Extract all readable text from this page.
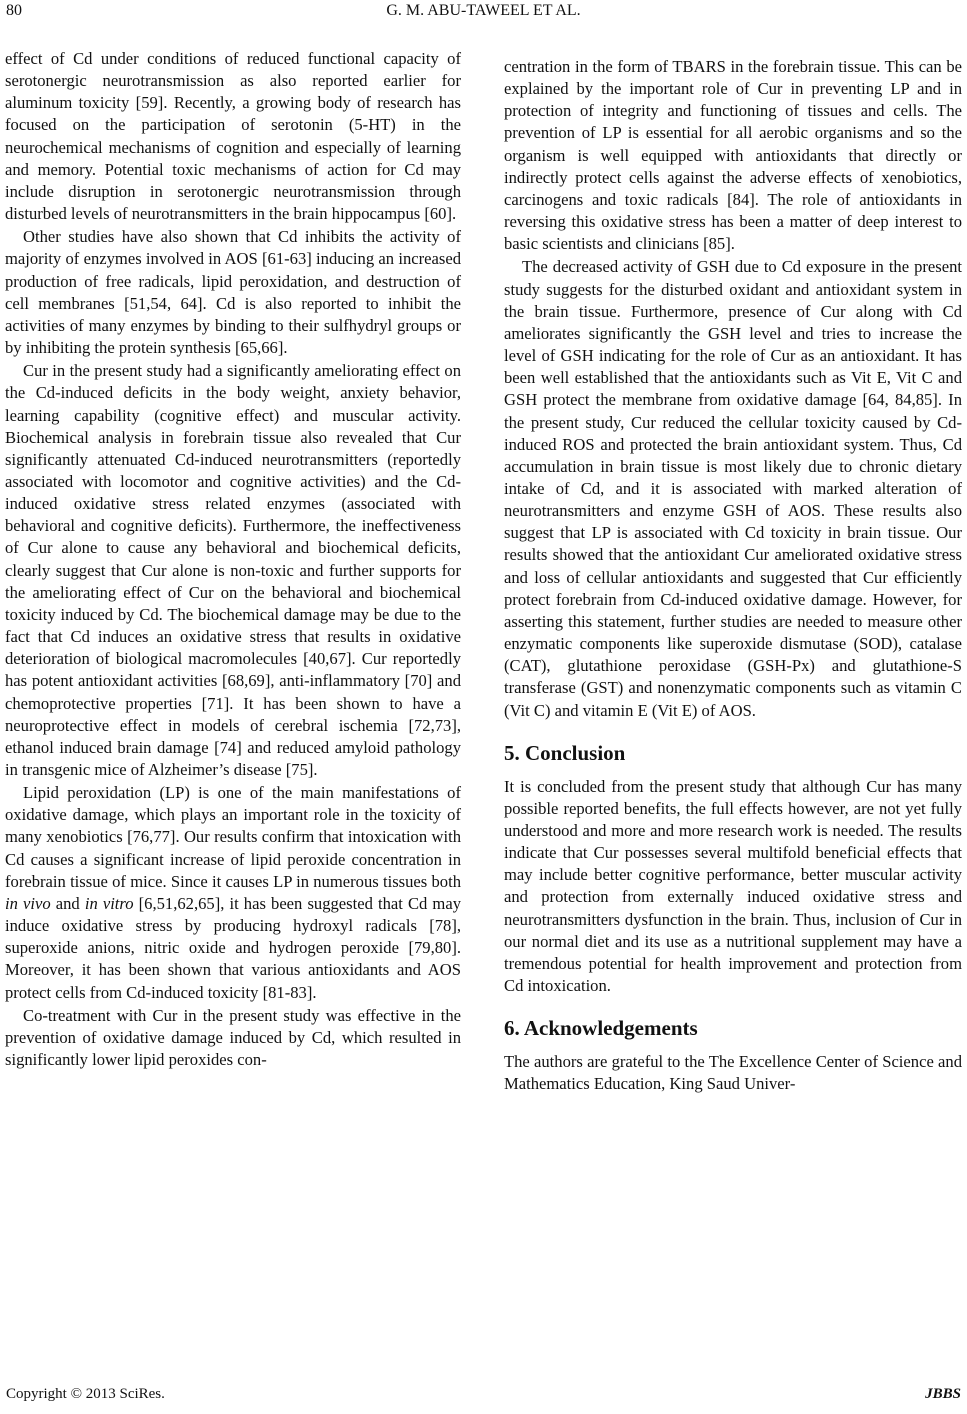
80	G. M. ABU-TAWEEL ET AL.

effect of Cd under conditions of reduced functional capacity of serotonergic neurotransmission as also reported earlier for aluminum toxicity [59]. Recently, a growing body of research has focused on the participation of serotonin (5-HT) in the neurochemical mechanisms of cognition and especially of learning and memory. Potential toxic mechanisms of action for Cd may include disruption in serotonergic neurotransmission through disturbed levels of neurotransmitters in the brain hippocampus [60].

Other studies have also shown that Cd inhibits the activity of majority of enzymes involved in AOS [61-63] inducing an increased production of free radicals, lipid peroxidation, and destruction of cell membranes [51,54, 64]. Cd is also reported to inhibit the activities of many enzymes by binding to their sulfhydryl groups or by inhibiting the protein synthesis [65,66].

Cur in the present study had a significantly ameliorating effect on the Cd-induced deficits in the body weight, anxiety behavior, learning capability (cognitive effect) and muscular activity. Biochemical analysis in forebrain tissue also revealed that Cur significantly attenuated Cd-induced neurotransmitters (reportedly associated with locomotor and cognitive activities) and the Cd-induced oxidative stress related enzymes (associated with behavioral and cognitive deficits). Furthermore, the ineffectiveness of Cur alone to cause any behavioral and biochemical deficits, clearly suggest that Cur alone is non-toxic and further supports for the ameliorating effect of Cur on the behavioral and biochemical toxicity induced by Cd. The biochemical damage may be due to the fact that Cd induces an oxidative stress that results in oxidative deterioration of biological macromolecules [40,67]. Cur reportedly has potent antioxidant activities [68,69], anti-inflammatory [70] and chemoprotective properties [71]. It has been shown to have a neuroprotective effect in models of cerebral ischemia [72,73], ethanol induced brain damage [74] and reduced amyloid pathology in transgenic mice of Alzheimer’s disease [75].

Lipid peroxidation (LP) is one of the main manifestations of oxidative damage, which plays an important role in the toxicity of many xenobiotics [76,77]. Our results confirm that intoxication with Cd causes a significant increase of lipid peroxide concentration in forebrain tissue of mice. Since it causes LP in numerous tissues both in vivo and in vitro [6,51,62,65], it has been suggested that Cd may induce oxidative stress by producing hydroxyl radicals [78], superoxide anions, nitric oxide and hydrogen peroxide [79,80]. Moreover, it has been shown that various antioxidants and AOS protect cells from Cd-induced toxicity [81-83].

Co-treatment with Cur in the present study was effective in the prevention of oxidative damage induced by Cd, which resulted in significantly lower lipid peroxides con-

centration in the form of TBARS in the forebrain tissue. This can be explained by the important role of Cur in preventing LP and in protection of integrity and functioning of tissues and cells. The prevention of LP is essential for all aerobic organisms and so the organism is well equipped with antioxidants that directly or indirectly protect cells against the adverse effects of xenobiotics, carcinogens and toxic radicals [84]. The role of antioxidants in reversing this oxidative stress has been a matter of deep interest to basic scientists and clinicians [85].

The decreased activity of GSH due to Cd exposure in the present study suggests for the disturbed oxidant and antioxidant system in the brain tissue. Furthermore, presence of Cur along with Cd ameliorates significantly the GSH level and tries to increase the level of GSH indicating for the role of Cur as an antioxidant. It has been well established that the antioxidants such as Vit E, Vit C and GSH protect the membrane from oxidative damage [64, 84,85]. In the present study, Cur reduced the cellular toxicity caused by Cd-induced ROS and protected the brain antioxidant system. Thus, Cd accumulation in brain tissue is most likely due to chronic dietary intake of Cd, and it is associated with marked alteration of neurotransmitters and enzyme GSH of AOS. These results also suggest that LP is associated with Cd toxicity in brain tissue. Our results showed that the antioxidant Cur ameliorated oxidative stress and loss of cellular antioxidants and suggested that Cur efficiently protect forebrain from Cd-induced oxidative damage. However, for asserting this statement, further studies are needed to measure other enzymatic components like superoxide dismutase (SOD), catalase (CAT), glutathione peroxidase (GSH-Px) and glutathione-S transferase (GST) and nonenzymatic components such as vitamin C (Vit C) and vitamin E (Vit E) of AOS.

5. Conclusion

It is concluded from the present study that although Cur has many possible reported benefits, the full effects however, are not yet fully understood and more and more research work is needed. The results indicate that Cur possesses several multifold beneficial effects that may include better cognitive performance, better muscular activity and protection from externally induced oxidative stress and neurotransmitters dysfunction in the brain. Thus, inclusion of Cur in our normal diet and its use as a nutritional supplement may have a tremendous potential for health improvement and protection from Cd intoxication.

6. Acknowledgements

The authors are grateful to the The Excellence Center of Science and Mathematics Education, King Saud Univer-

Copyright © 2013 SciRes.	JBBS
